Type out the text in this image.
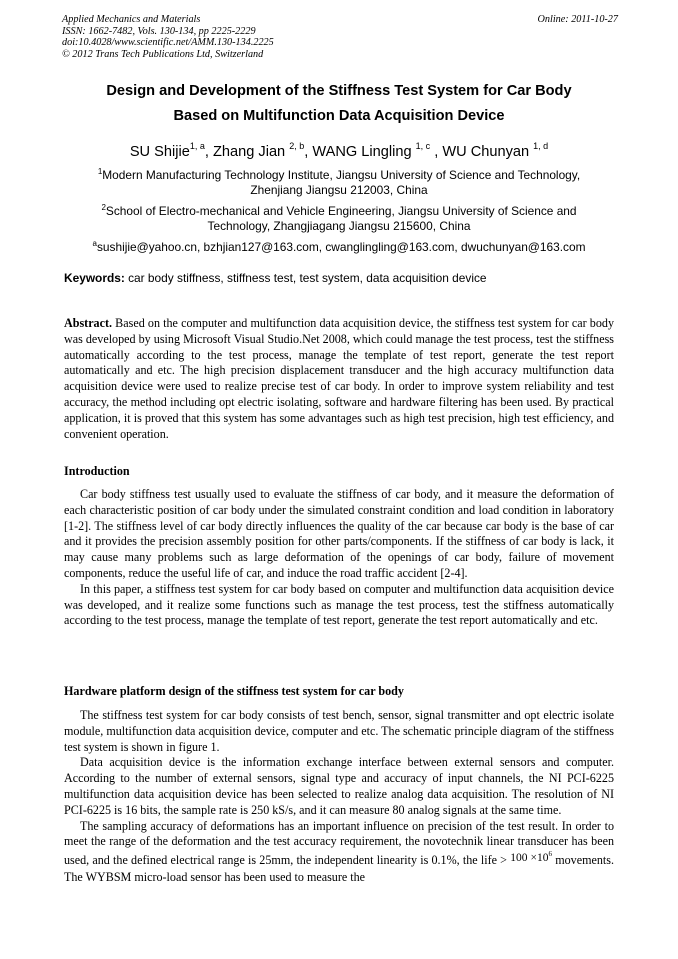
Applied Mechanics and Materials
ISSN: 1662-7482, Vols. 130-134, pp 2225-2229
doi:10.4028/www.scientific.net/AMM.130-134.2225
© 2012 Trans Tech Publications Ltd, Switzerland
Online: 2011-10-27
Design and Development of the Stiffness Test System for Car Body
Based on Multifunction Data Acquisition Device
SU Shijie$^{1, a}$, Zhang Jian $^{2, b}$, WANG Lingling $^{1, c}$ , WU Chunyan $^{1, d}$
$^1$Modern Manufacturing Technology Institute, Jiangsu University of Science and Technology,
Zhenjiang Jiangsu 212003, China
$^2$School of Electro-mechanical and Vehicle Engineering, Jiangsu University of Science and
Technology, Zhangjiagang Jiangsu 215600, China
$^a$sushijie@yahoo.cn, bzhjian127@163.com, cwanglingling@163.com, dwuchunyan@163.com
Keywords: car body stiffness, stiffness test, test system, data acquisition device

Abstract. Based on the computer and multifunction data acquisition device, the stiffness test system for car body was developed by using Microsoft Visual Studio.Net 2008, which could manage the test process, test the stiffness automatically according to the test process, manage the template of test report, generate the test report automatically and etc. The high precision displacement transducer and the high accuracy multifunction data acquisition device were used to realize precise test of car body. In order to improve system reliability and test accuracy, the method including opt electric isolating, software and hardware filtering has been used. By practical application, it is proved that this system has some advantages such as high test precision, high test efficiency, and convenient operation.

Introduction

Car body stiffness test usually used to evaluate the stiffness of car body, and it measure the deformation of each characteristic position of car body under the simulated constraint condition and load condition in laboratory [1-2]. The stiffness level of car body directly influences the quality of the car because car body is the base of car and it provides the precision assembly position for other parts/components. If the stiffness of car body is lack, it may cause many problems such as large deformation of the openings of car body, failure of movement components, reduce the useful life of car, and induce the road traffic accident [2-4].

In this paper, a stiffness test system for car body based on computer and multifunction data acquisition device was developed, and it realize some functions such as manage the test process, test the stiffness automatically according to the test process, manage the template of test report, generate the test report automatically and etc.

Hardware platform design of the stiffness test system for car body

The stiffness test system for car body consists of test bench, sensor, signal transmitter and opt electric isolate module, multifunction data acquisition device, computer and etc. The schematic principle diagram of the stiffness test system is shown in figure 1.

Data acquisition device is the information exchange interface between external sensors and computer. According to the number of external sensors, signal type and accuracy of input channels, the NI PCI-6225 multifunction data acquisition device has been selected to realize analog data acquisition. The resolution of NI PCI-6225 is 16 bits, the sample rate is 250 kS/s, and it can measure 80 analog signals at the same time.

The sampling accuracy of deformations has an important influence on precision of the test result. In order to meet the range of the deformation and the test accuracy requirement, the novotechnik linear transducer has been used, and the defined electrical range is 25mm, the independent linearity is 0.1%, the life > $100 \times 10^6$ movements. The WYBSM micro-load sensor has been used to measure the
